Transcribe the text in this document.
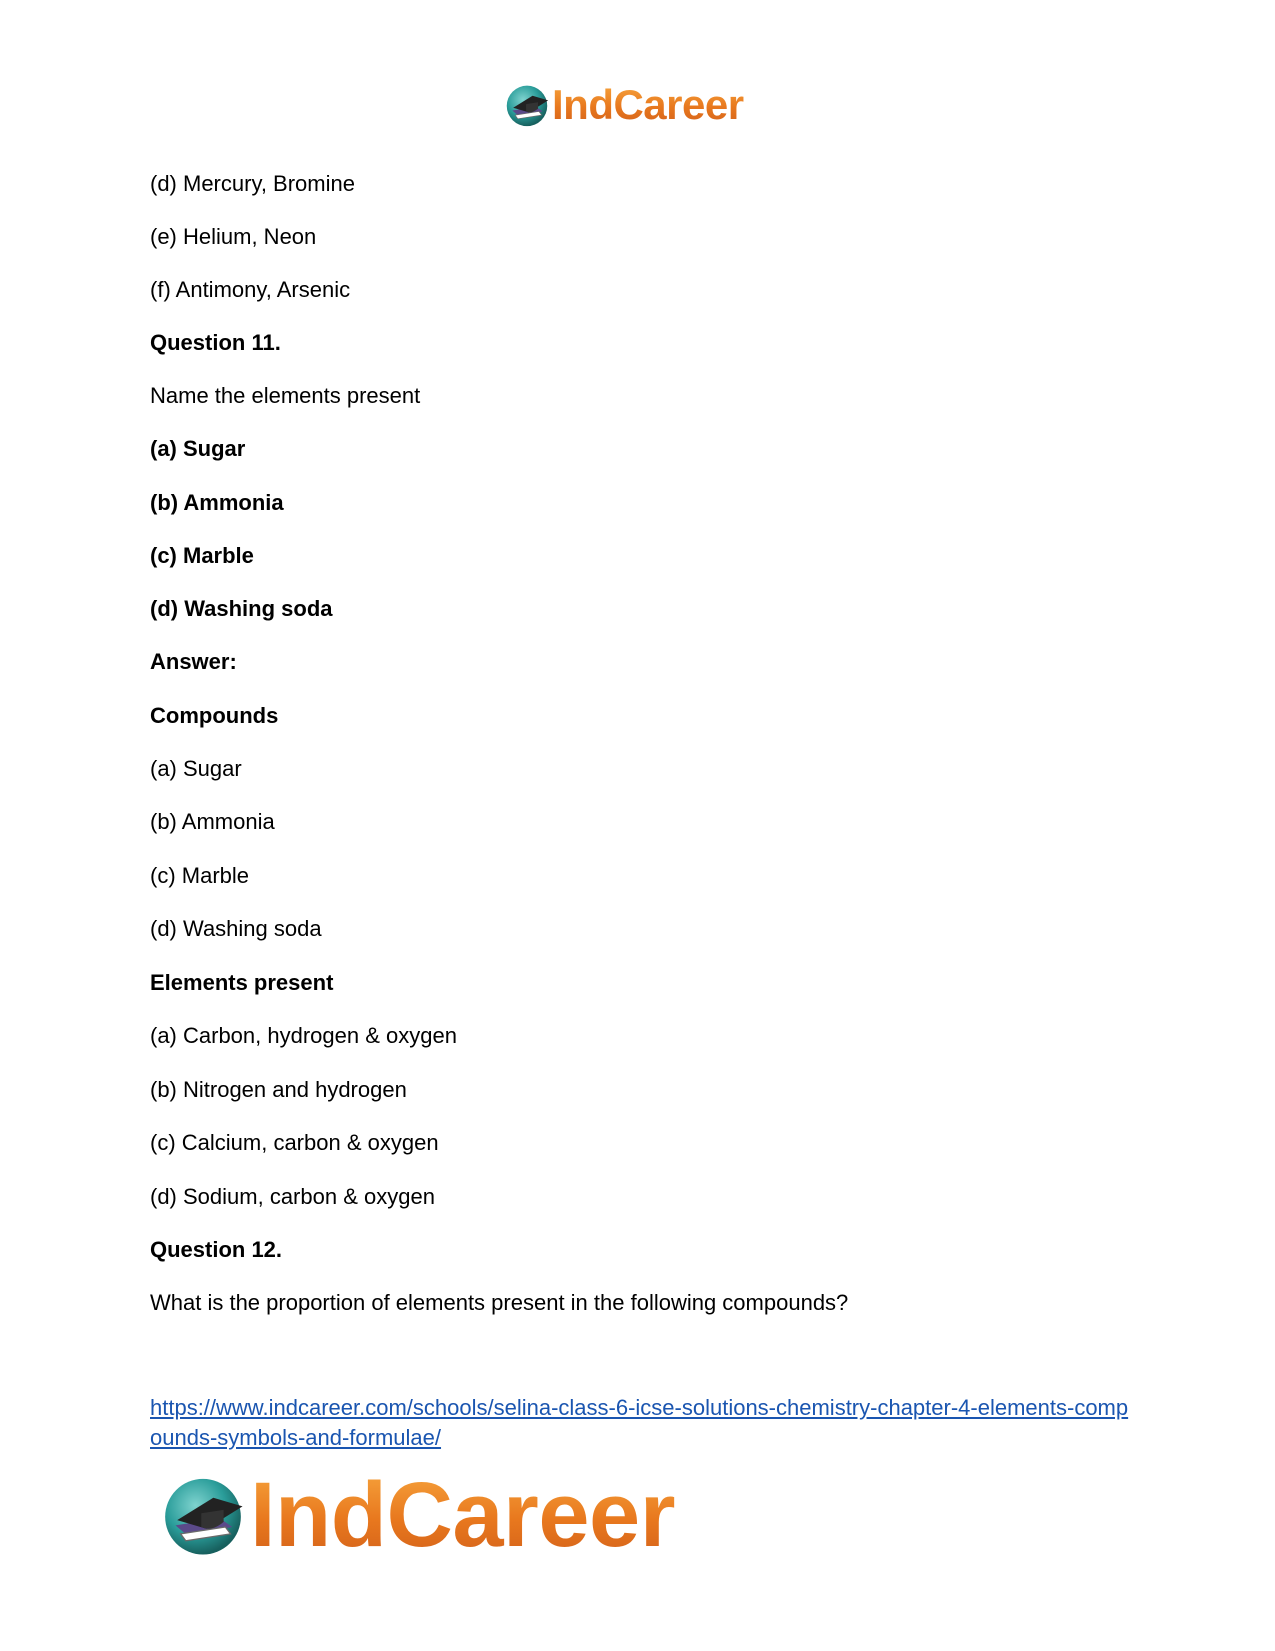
IndCareer
(d) Mercury, Bromine
(e) Helium, Neon
(f) Antimony, Arsenic
Question 11.
Name the elements present
(a) Sugar
(b) Ammonia
(c) Marble
(d) Washing soda
Answer:
Compounds
(a) Sugar
(b) Ammonia
(c) Marble
(d) Washing soda
Elements present
(a) Carbon, hydrogen & oxygen
(b) Nitrogen and hydrogen
(c) Calcium, carbon & oxygen
(d) Sodium, carbon & oxygen
Question 12.
What is the proportion of elements present in the following compounds?
https://www.indcareer.com/schools/selina-class-6-icse-solutions-chemistry-chapter-4-elements-compounds-symbols-and-formulae/
IndCareer
